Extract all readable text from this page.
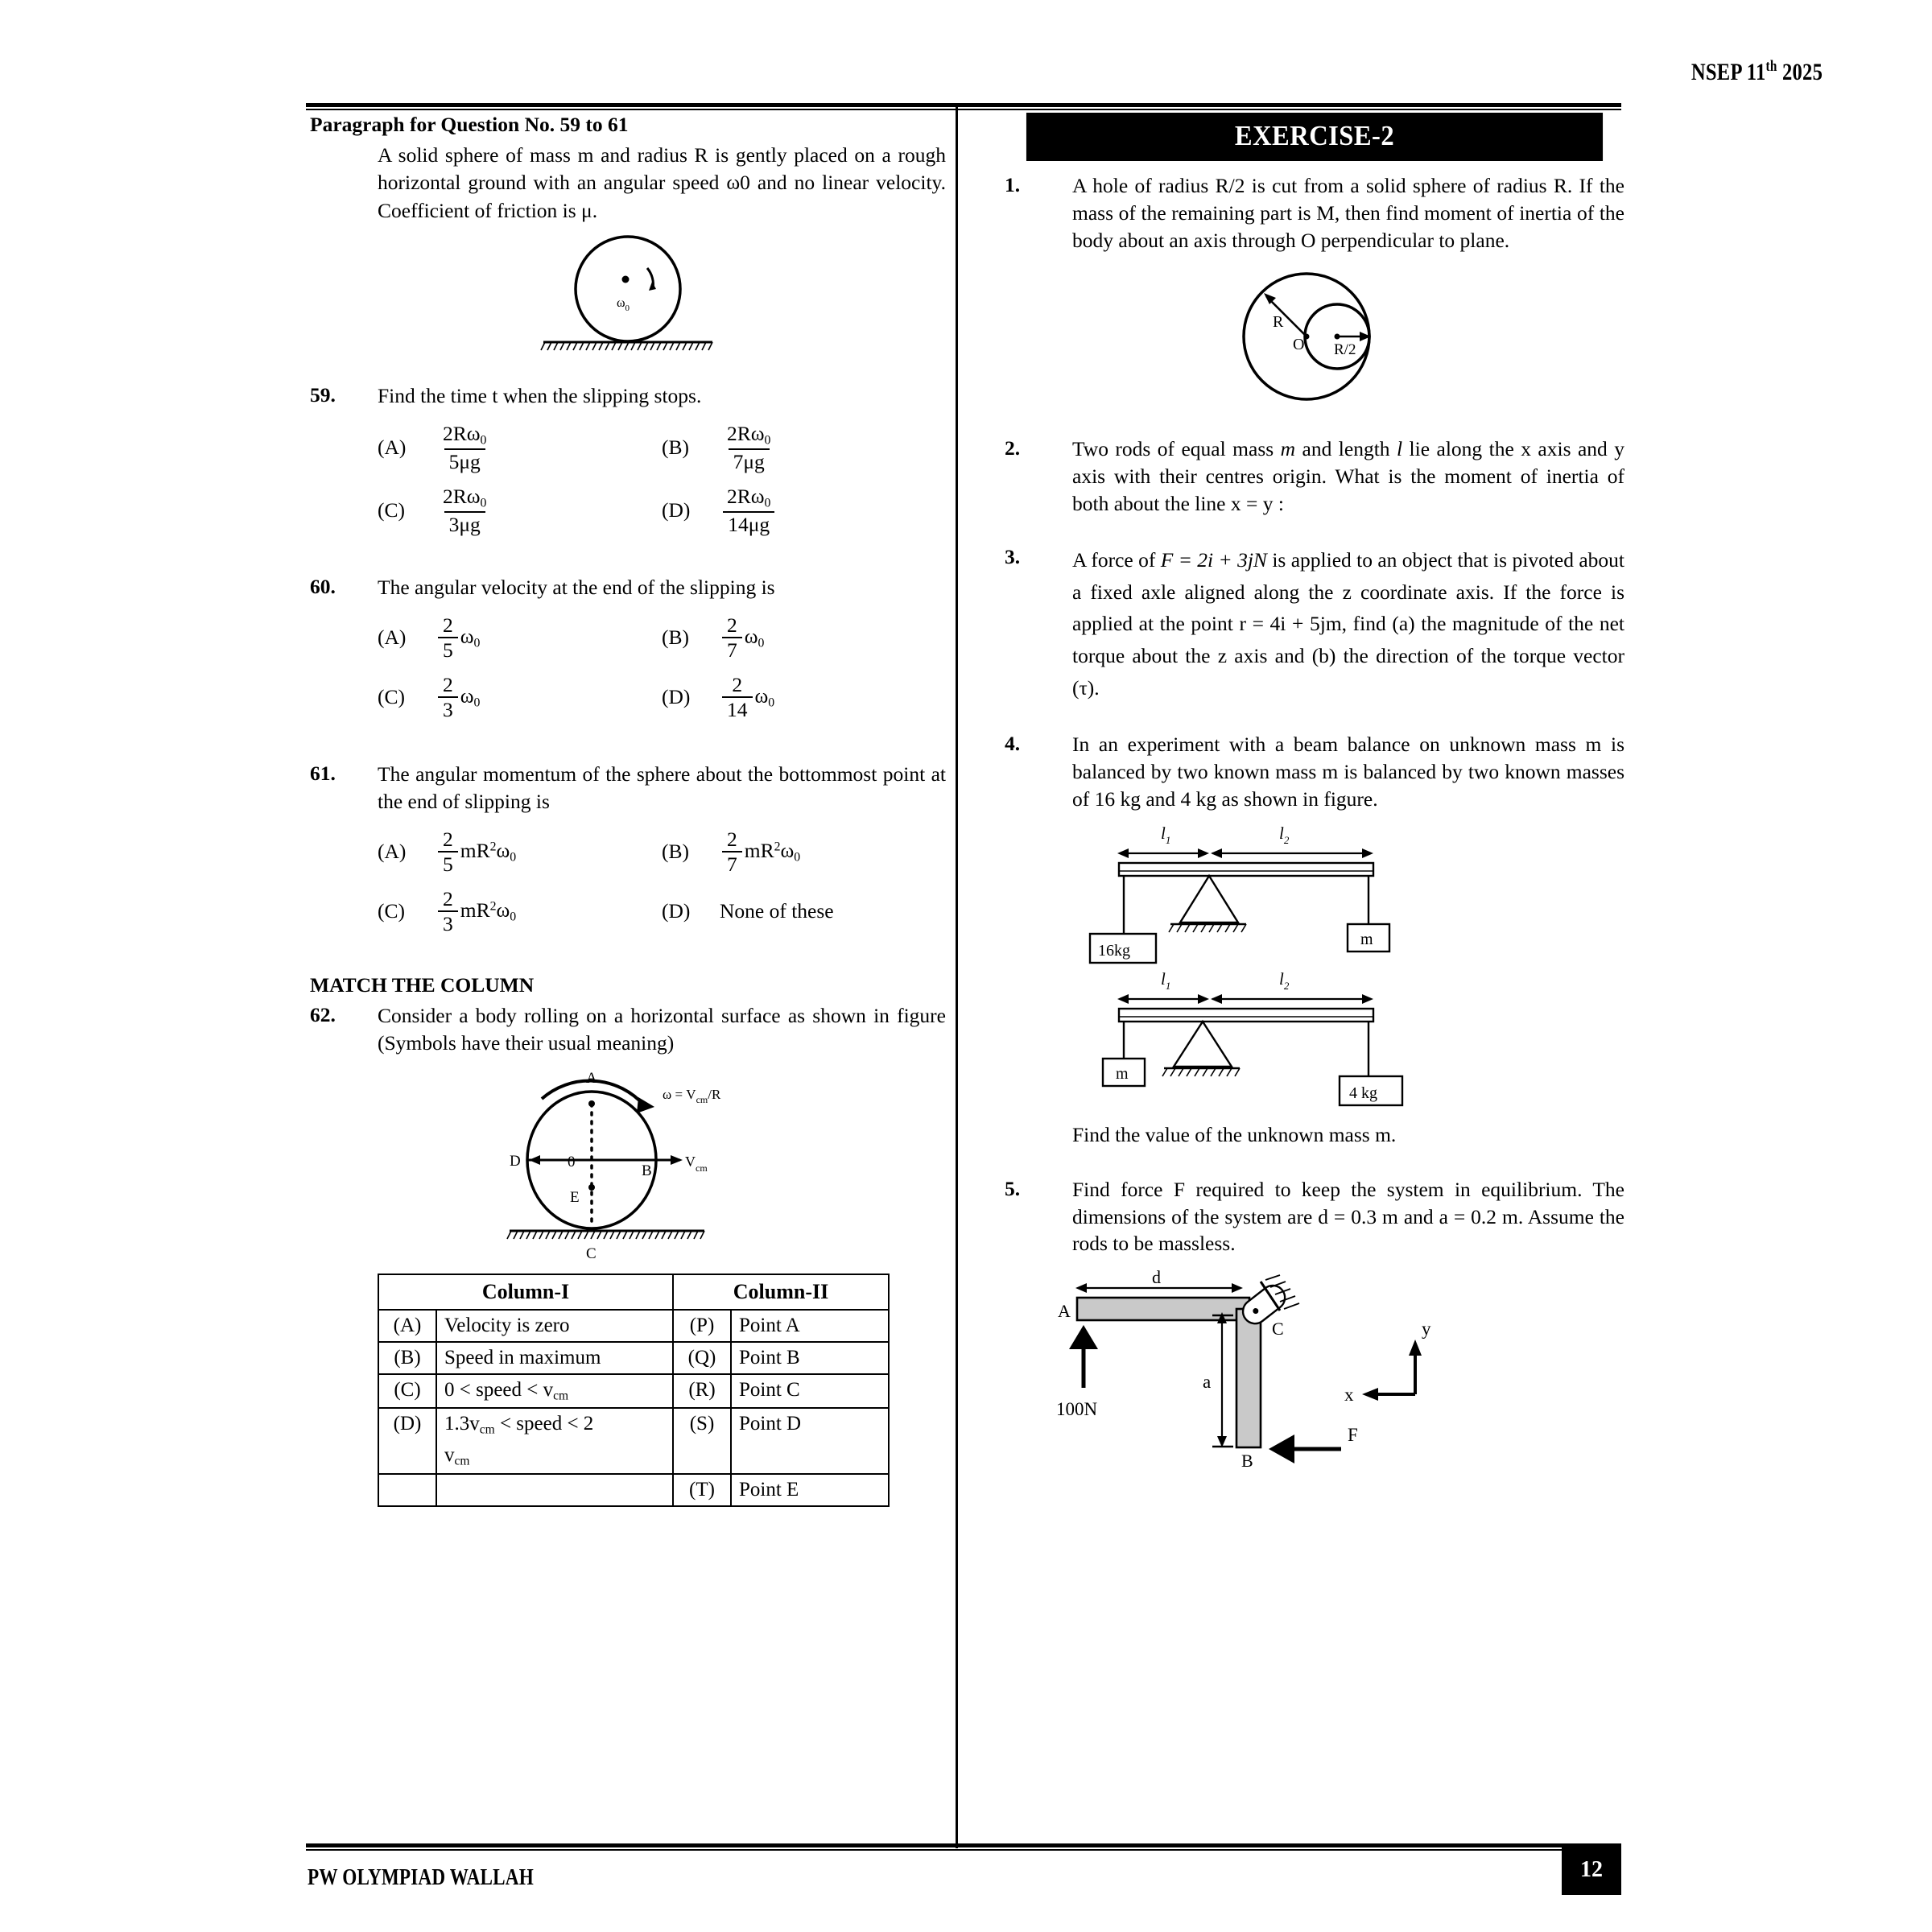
NSEP 11th 2025
Paragraph for Question No. 59 to 61
A solid sphere of mass m and radius R is gently placed on a rough horizontal ground with an angular speed ω0 and no linear velocity. Coefficient of friction is μ.
$\omega_0$
59.	Find the time t when the slipping stops.
(A)	$\frac{2R\omega_0}{5\mu g}$	(B)	$\frac{2R\omega_0}{7\mu g}$
(C)	$\frac{2R\omega_0}{3\mu g}$	(D)	$\frac{2R\omega_0}{14\mu g}$
60.	The angular velocity at the end of the slipping is
(A)	$\frac{2}{5} \omega_0$	(B)	$\frac{2}{7} \omega_0$
(C)	$\frac{2}{3} \omega_0$	(D)	$\frac{2}{14} \omega_0$
61.	The angular momentum of the sphere about the bottommost point at the end of slipping is
(A)	$\frac{2}{5} mR^2\omega_0$	(B)	$\frac{2}{7} mR^2\omega_0$
(C)	$\frac{2}{3} mR^2\omega_0$	(D)	None of these
MATCH THE COLUMN
62.	Consider a body rolling on a horizontal surface as shown in figure (Symbols have their usual meaning)
A
C
D
B
0
E
$\omega = V_{cm}/R$
$V_{cm}$
Column-I		Column-II	
(A)	Velocity is zero	(P)	Point A
(B)	Speed in maximum	(Q)	Point B
(C)	0 < speed < $v_{cm}$	(R)	Point C
(D)	$1.3v_{cm}$ < speed < 2
$v_{cm}$	(S)	Point D
		(T)	Point E
EXERCISE-2
1.	A hole of radius R/2 is cut from a solid sphere of radius R. If the mass of the remaining part is M, then find moment of inertia of the body about an axis through O perpendicular to plane.
R
O R/2
2.	Two rods of equal mass m and length l lie along the x axis and y axis with their centres origin. What is the moment of inertia of both about the line x = y :
3.	A force of F = 2i + 3jN is applied to an object that is pivoted about a fixed axle aligned along the z coordinate axis. If the force is applied at the point r = 4i + 5jm, find (a) the magnitude of the net torque about the z axis and (b) the direction of the torque vector (τ).
4.	In an experiment with a beam balance on unknown mass m is balanced by two known mass m is balanced by two known masses of 16 kg and 4 kg as shown in figure.
$l_1$	$l_2$
16kg
m
$l_1$	$l_2$
m
4 kg
Find the value of the unknown mass m.
5.	Find force F required to keep the system in equilibrium. The dimensions of the system are d = 0.3 m and a = 0.2 m. Assume the rods to be massless.
d
A
B
C
100N
a
F
y
x
PW OLYMPIAD WALLAH	12
